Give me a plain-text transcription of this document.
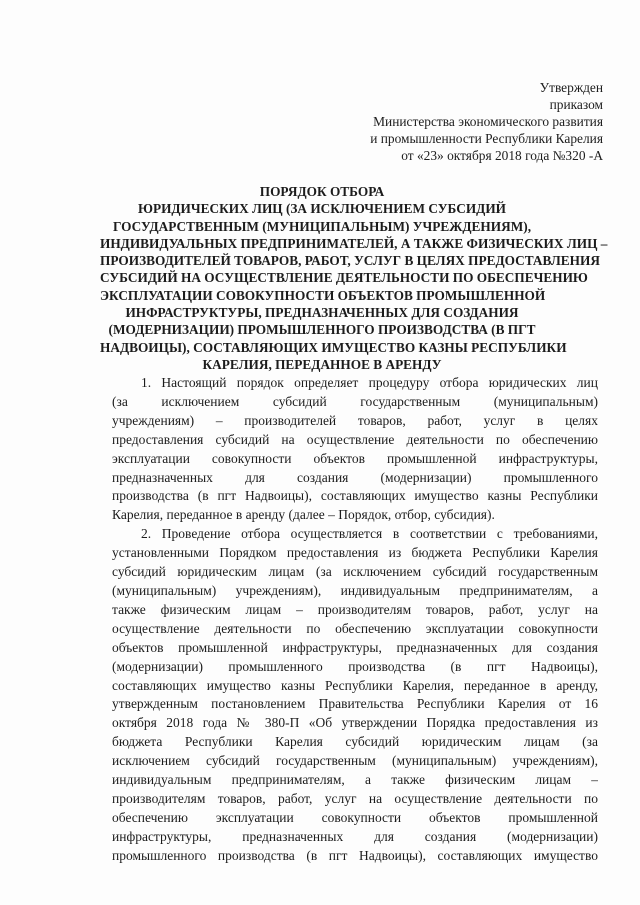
Утвержден
приказом
Министерства экономического развития
и промышленности Республики Карелия
от «23» октября 2018 года №320 -А
ПОРЯДОК ОТБОРА
ЮРИДИЧЕСКИХ ЛИЦ (ЗА ИСКЛЮЧЕНИЕМ СУБСИДИЙ
ГОСУДАРСТВЕННЫМ (МУНИЦИПАЛЬНЫМ) УЧРЕЖДЕНИЯМ),
ИНДИВИДУАЛЬНЫХ ПРЕДПРИНИМАТЕЛЕЙ, А ТАКЖЕ ФИЗИЧЕСКИХ ЛИЦ –
ПРОИЗВОДИТЕЛЕЙ ТОВАРОВ, РАБОТ, УСЛУГ В ЦЕЛЯХ ПРЕДОСТАВЛЕНИЯ
СУБСИДИЙ НА ОСУЩЕСТВЛЕНИЕ ДЕЯТЕЛЬНОСТИ ПО ОБЕСПЕЧЕНИЮ
ЭКСПЛУАТАЦИИ СОВОКУПНОСТИ ОБЪЕКТОВ ПРОМЫШЛЕННОЙ
ИНФРАСТРУКТУРЫ, ПРЕДНАЗНАЧЕННЫХ ДЛЯ СОЗДАНИЯ
(МОДЕРНИЗАЦИИ) ПРОМЫШЛЕННОГО ПРОИЗВОДСТВА (В ПГТ
НАДВОИЦЫ), СОСТАВЛЯЮЩИХ ИМУЩЕСТВО КАЗНЫ РЕСПУБЛИКИ
КАРЕЛИЯ, ПЕРЕДАННОЕ В АРЕНДУ

1. Настоящий порядок определяет процедуру отбора юридических лиц
(за исключением субсидий государственным (муниципальным)
учреждениям) – производителей товаров, работ, услуг в целях
предоставления субсидий на осуществление деятельности по обеспечению
эксплуатации совокупности объектов промышленной инфраструктуры,
предназначенных для создания (модернизации) промышленного
производства (в пгт Надвоицы), составляющих имущество казны Республики
Карелия, переданное в аренду (далее – Порядок, отбор, субсидия).

2. Проведение отбора осуществляется в соответствии с требованиями,
установленными Порядком предоставления из бюджета Республики Карелия
субсидий юридическим лицам (за исключением субсидий государственным
(муниципальным) учреждениям), индивидуальным предпринимателям, а
также физическим лицам – производителям товаров, работ, услуг на
осуществление деятельности по обеспечению эксплуатации совокупности
объектов промышленной инфраструктуры, предназначенных для создания
(модернизации) промышленного производства (в пгт Надвоицы),
составляющих имущество казны Республики Карелия, переданное в аренду,
утвержденным постановлением Правительства Республики Карелия от 16
октября 2018 года № 380-П «Об утверждении Порядка предоставления из
бюджета Республики Карелия субсидий юридическим лицам (за
исключением субсидий государственным (муниципальным) учреждениям),
индивидуальным предпринимателям, а также физическим лицам –
производителям товаров, работ, услуг на осуществление деятельности по
обеспечению эксплуатации совокупности объектов промышленной
инфраструктуры, предназначенных для создания (модернизации)
промышленного производства (в пгт Надвоицы), составляющих имущество
